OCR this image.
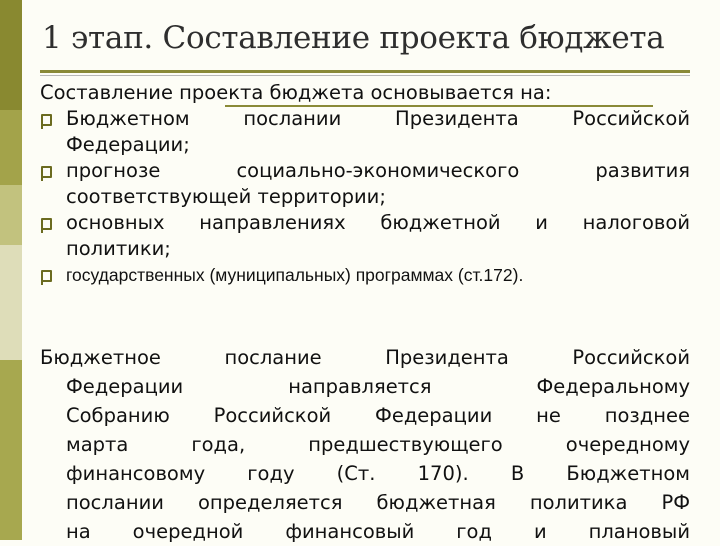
1 этап. Составление проекта бюджета
Составление проекта бюджета основывается на:
Бюджетном послании Президента Российской
Федерации;
прогнозе социально-экономического развития
соответствующей территории;
основных направлениях бюджетной и налоговой
политики;
государственных (муниципальных) программах (ст.172).
Бюджетное послание Президента Российской
Федерации направляется Федеральному
Собранию Российской Федерации не позднее
марта года, предшествующего очередному
финансовому году (Ст. 170). В Бюджетном
послании определяется бюджетная политика РФ
на очередной финансовый год и плановый
